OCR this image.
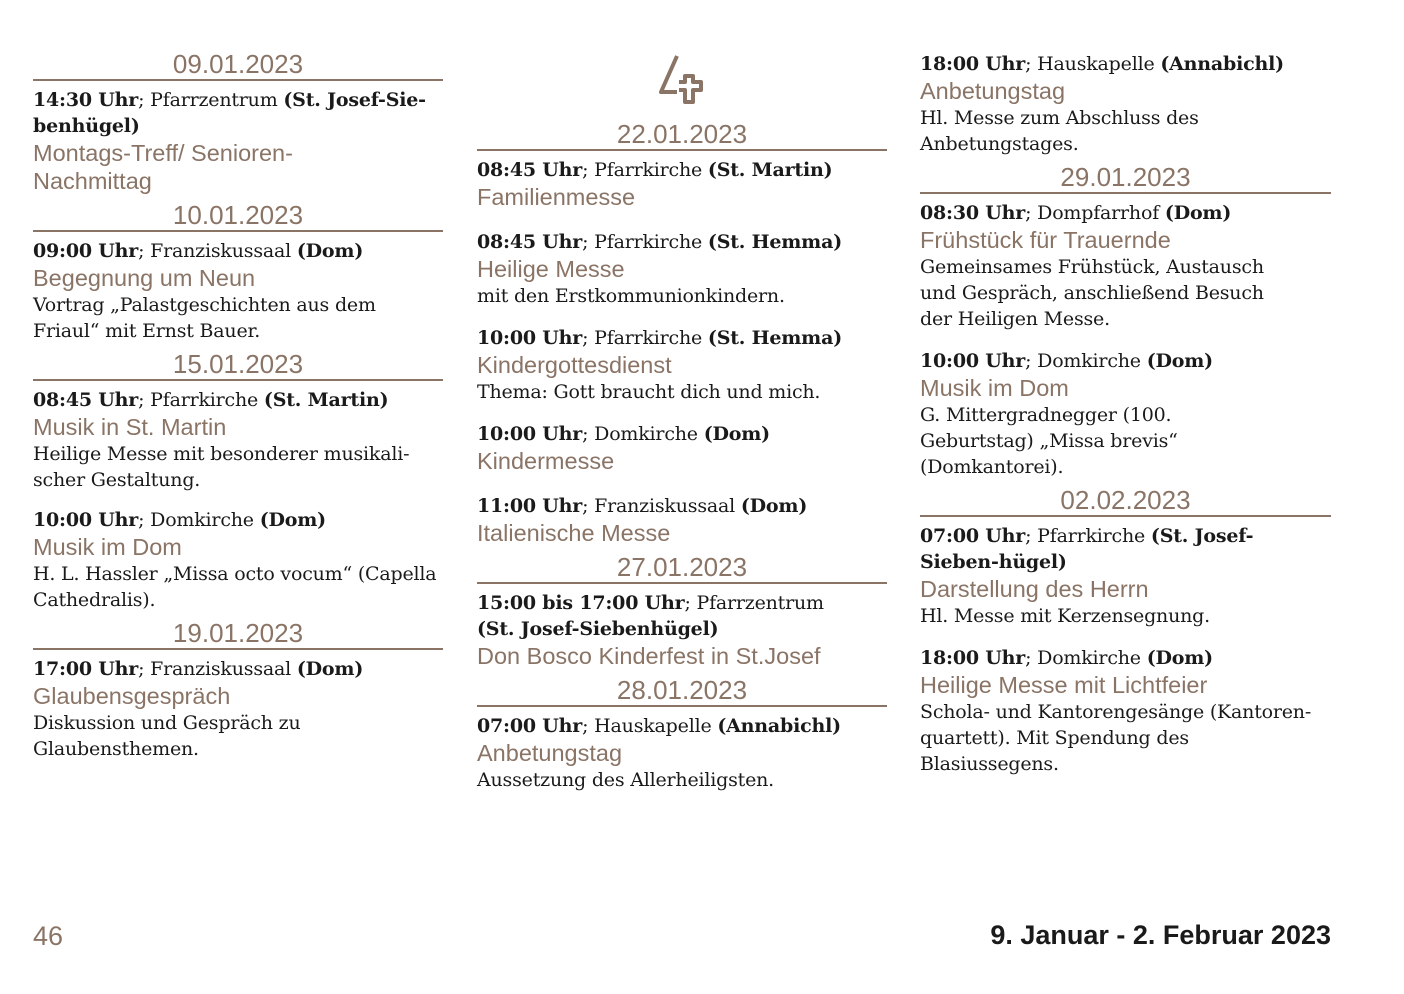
09.01.2023
14:30 Uhr; Pfarrzentrum (St. Josef-Sie-benhügel)
Montags-Treff/ Senioren-Nachmittag
10.01.2023
09:00 Uhr; Franziskussaal (Dom)
Begegnung um Neun
Vortrag „Palastgeschichten aus dem Friaul“ mit Ernst Bauer.
15.01.2023
08:45 Uhr; Pfarrkirche (St. Martin)
Musik in St. Martin
Heilige Messe mit besonderer musikali-scher Gestaltung.
10:00 Uhr; Domkirche (Dom)
Musik im Dom
H. L. Hassler „Missa octo vocum“ (Capella Cathedralis).
19.01.2023
17:00 Uhr; Franziskussaal (Dom)
Glaubensgespräch
Diskussion und Gespräch zu Glaubensthemen.
22.01.2023
08:45 Uhr; Pfarrkirche (St. Martin)
Familienmesse
08:45 Uhr; Pfarrkirche (St. Hemma)
Heilige Messe
mit den Erstkommunionkindern.
10:00 Uhr; Pfarrkirche (St. Hemma)
Kindergottesdienst
Thema: Gott braucht dich und mich.
10:00 Uhr; Domkirche (Dom)
Kindermesse
11:00 Uhr; Franziskussaal (Dom)
Italienische Messe
27.01.2023
15:00 bis 17:00 Uhr; Pfarrzentrum (St. Josef-Siebenhügel)
Don Bosco Kinderfest in St.Josef
28.01.2023
07:00 Uhr; Hauskapelle (Annabichl)
Anbetungstag
Aussetzung des Allerheiligsten.
18:00 Uhr; Hauskapelle (Annabichl)
Anbetungstag
Hl. Messe zum Abschluss des Anbetungstages.
29.01.2023
08:30 Uhr; Dompfarrhof (Dom)
Frühstück für Trauernde
Gemeinsames Frühstück, Austausch und Gespräch, anschließend Besuch der Heiligen Messe.
10:00 Uhr; Domkirche (Dom)
Musik im Dom
G. Mittergradnegger (100. Geburtstag) „Missa brevis“ (Domkantorei).
02.02.2023
07:00 Uhr; Pfarrkirche (St. Josef-Sieben-hügel)
Darstellung des Herrn
Hl. Messe mit Kerzensegnung.
18:00 Uhr; Domkirche (Dom)
Heilige Messe mit Lichtfeier
Schola- und Kantorengesänge (Kantoren-quartett). Mit Spendung des Blasiussegens.
46	9. Januar - 2. Februar 2023
